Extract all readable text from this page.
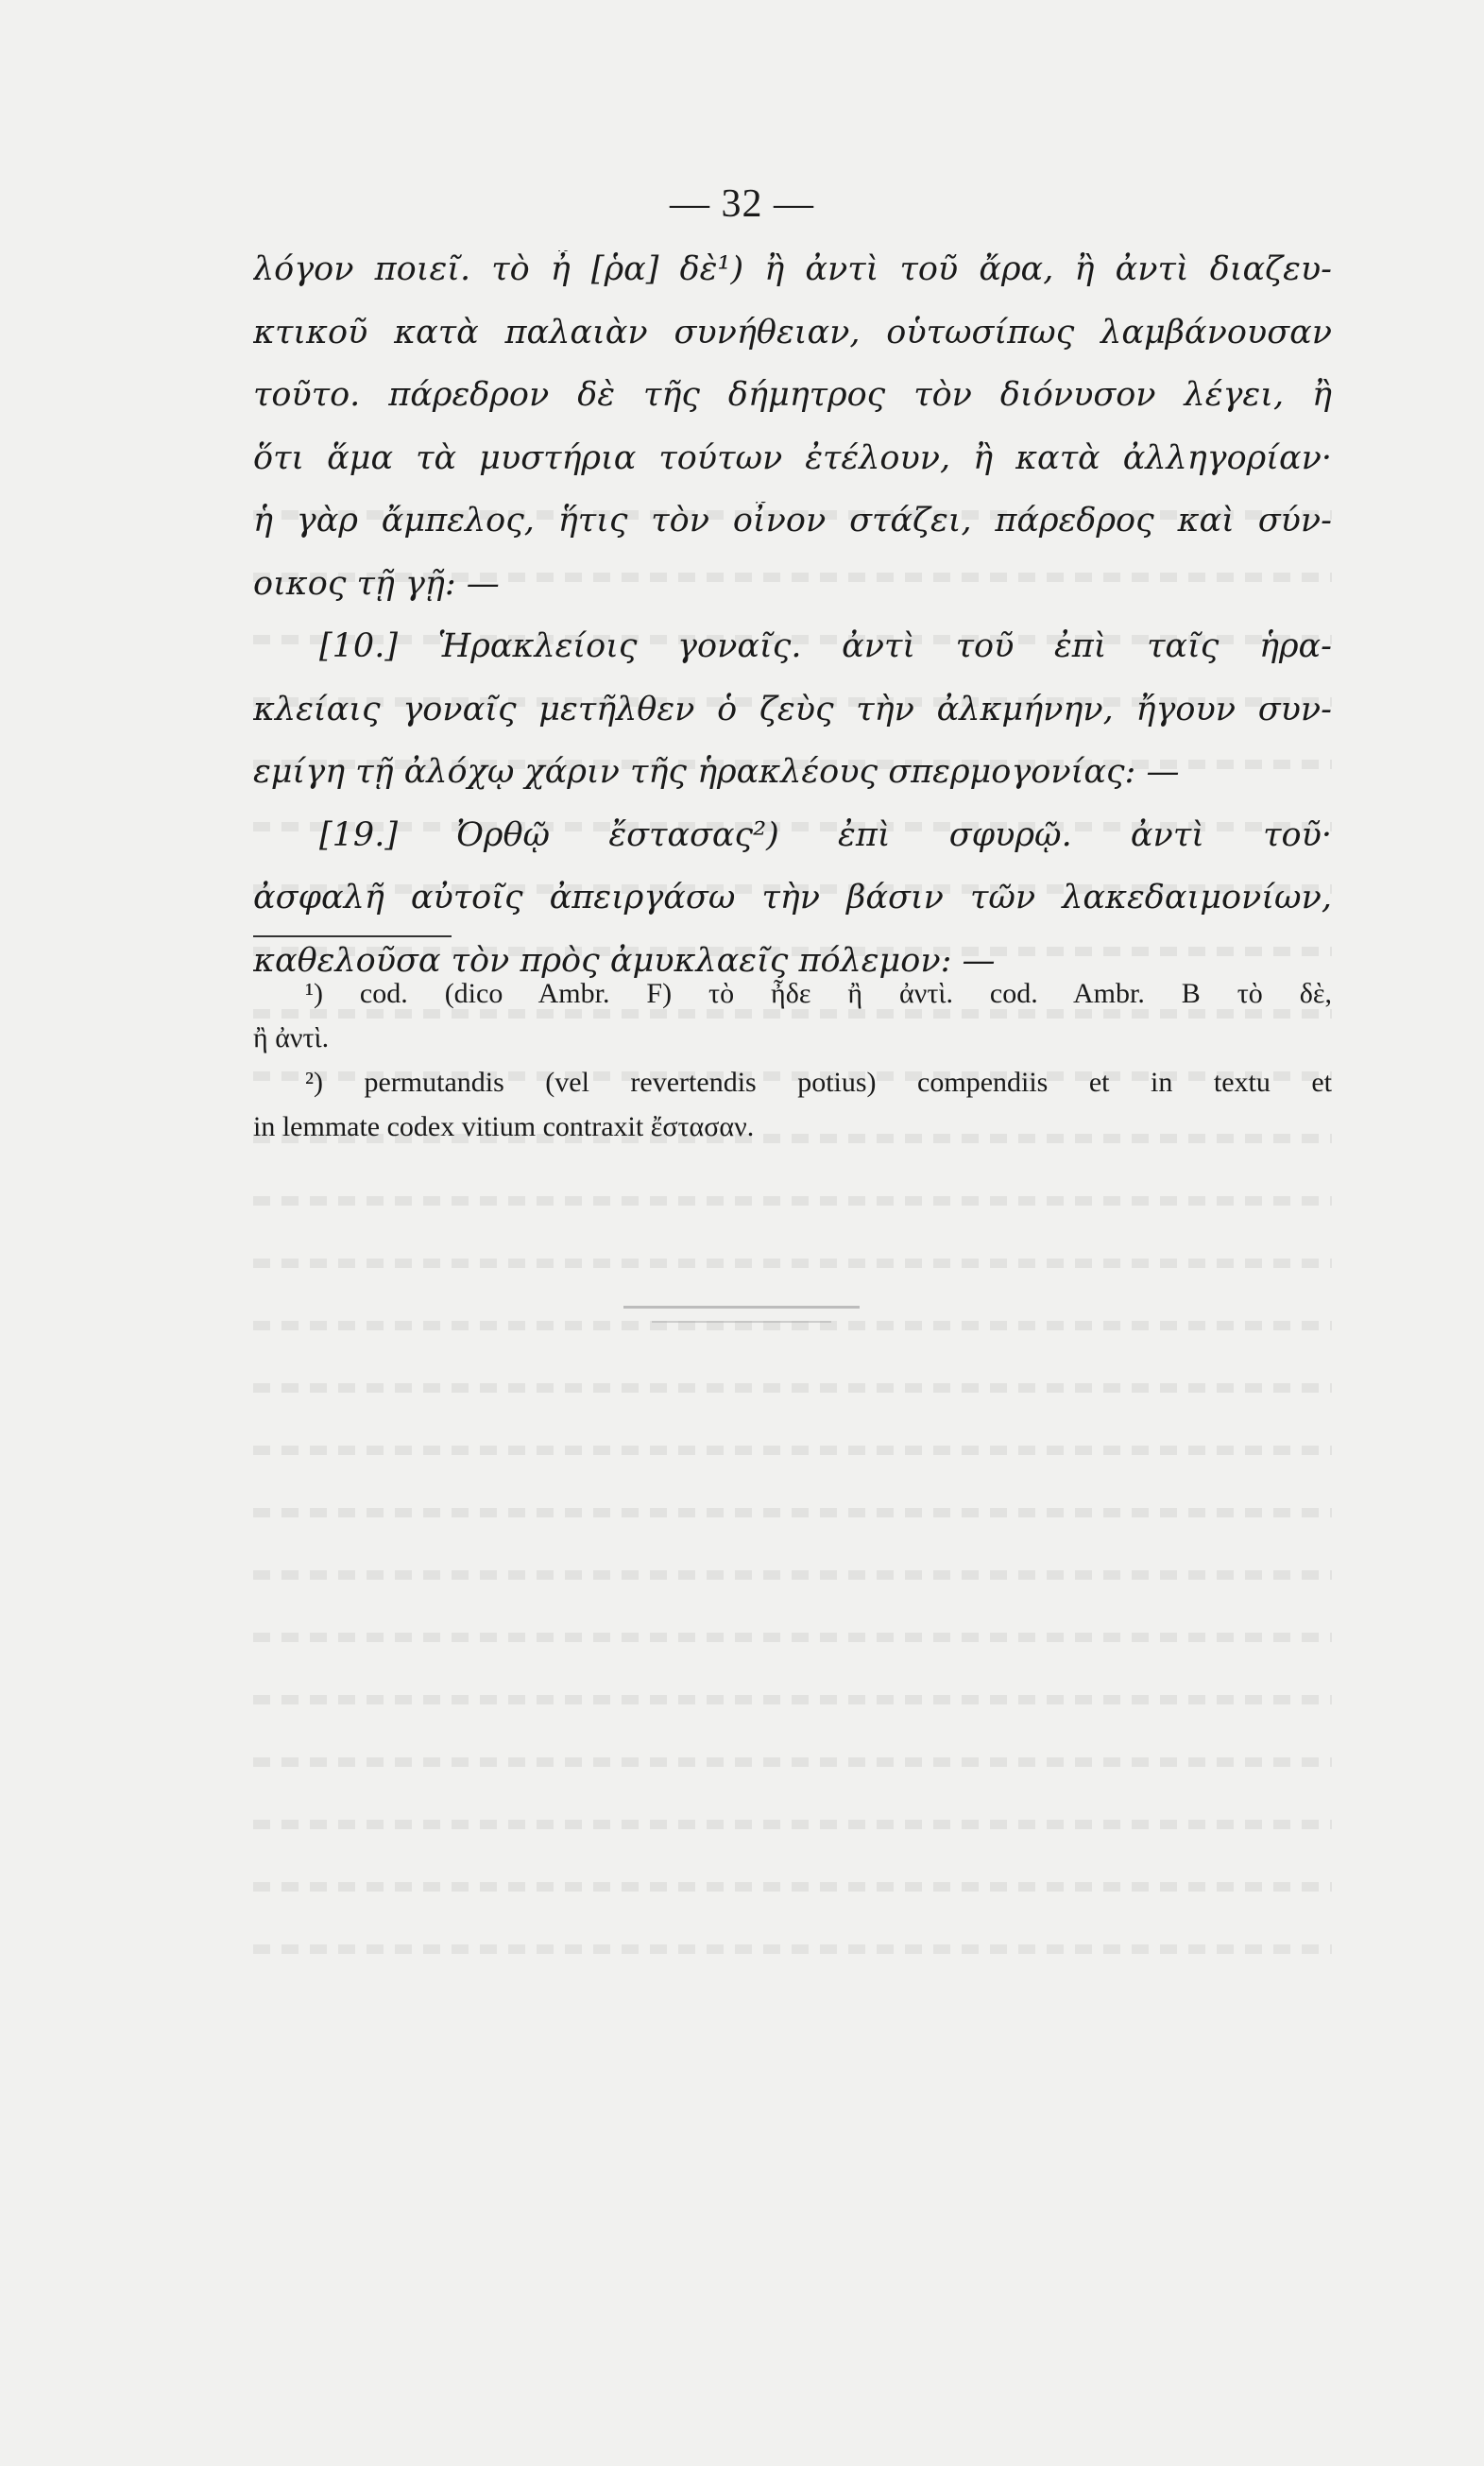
— 32 —
λόγον ποιεῖ. τὸ ἦ [ῥα] δὲ¹) ἢ ἀντὶ τοῦ ἄρα, ἢ ἀντὶ διαζευ-
κτικοῦ κατὰ παλαιὰν συνήθειαν, οὑτωσίπως λαμβάνουσαν
τοῦτο. πάρεδρον δὲ τῆς δήμητρος τὸν διόνυσον λέγει, ἢ
ὅτι ἅμα τὰ μυστήρια τούτων ἐτέλουν, ἢ κατὰ ἀλληγορίαν·
ἡ γὰρ ἄμπελος, ἥτις τὸν οἶνον στάζει, πάρεδρος καὶ σύν-
οικος τῇ γῇ: —
[10.] Ἡρακλείοις γοναῖς. ἀντὶ τοῦ ἐπὶ ταῖς ἡρα-
κλείαις γοναῖς μετῆλθεν ὁ ζεὺς τὴν ἀλκμήνην, ἤγουν συν-
εμίγη τῇ ἀλόχῳ χάριν τῆς ἡρακλέους σπερμογονίας: —
[19.] Ὀρθῷ ἔστασας²) ἐπὶ σφυρῷ. ἀντὶ τοῦ·
ἀσφαλῆ αὐτοῖς ἀπειργάσω τὴν βάσιν τῶν λακεδαιμονίων,
καθελοῦσα τὸν πρὸς ἀμυκλαεῖς πόλεμον: —
¹) cod. (dico Ambr. F) τὸ ἦδε ἢ ἀντὶ. cod. Ambr. B τὸ δὲ,
ἢ ἀντὶ.
²) permutandis (vel revertendis potius) compendiis et in textu et
in lemmate codex vitium contraxit ἔστασαν.
